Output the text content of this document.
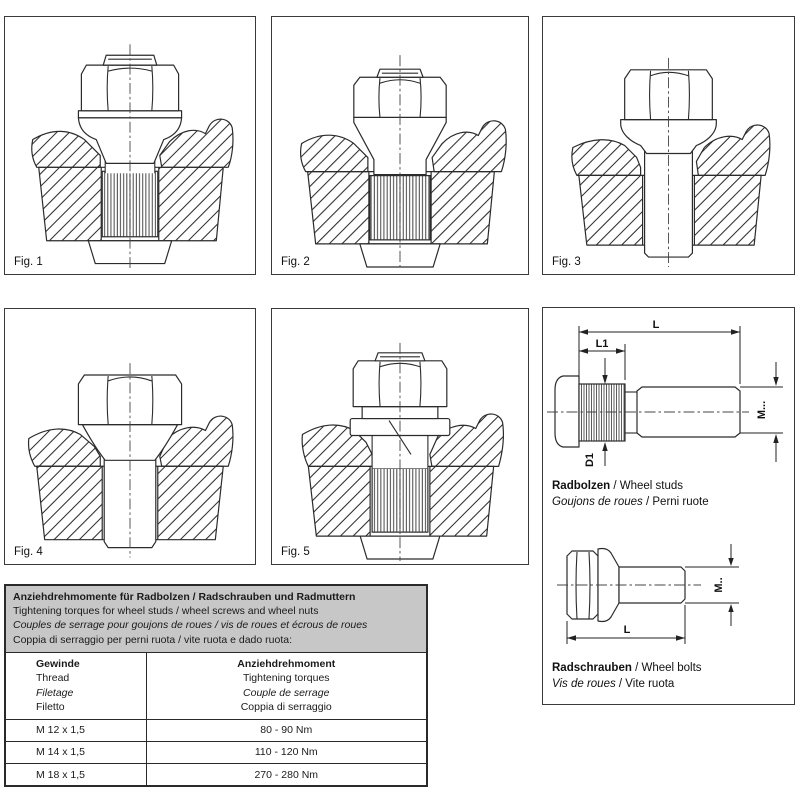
Fig. 1	Fig. 2	Fig. 3
Fig. 4	Fig. 5
L
L1
D1
M...
Radbolzen / Wheel studs
Goujons de roues / Perni ruote
M..
L
Radschrauben / Wheel bolts
Vis de roues / Vite ruota
Anziehdrehmomente für Radbolzen / Radschrauben und Radmuttern
Tightening torques for wheel studs / wheel screws and wheel nuts
Couples de serrage pour goujons de roues / vis de roues et écrous de roues
Coppia di serraggio per perni ruota / vite ruota e dado ruota:
Gewinde
Thread
Filetage
Filetto

Anziehdrehmoment
Tightening torques
Couple de serrage
Coppia di serraggio

M 12 x 1,5	80 - 90 Nm
M 14 x 1,5	110 - 120 Nm
M 18 x 1,5	270 - 280 Nm
